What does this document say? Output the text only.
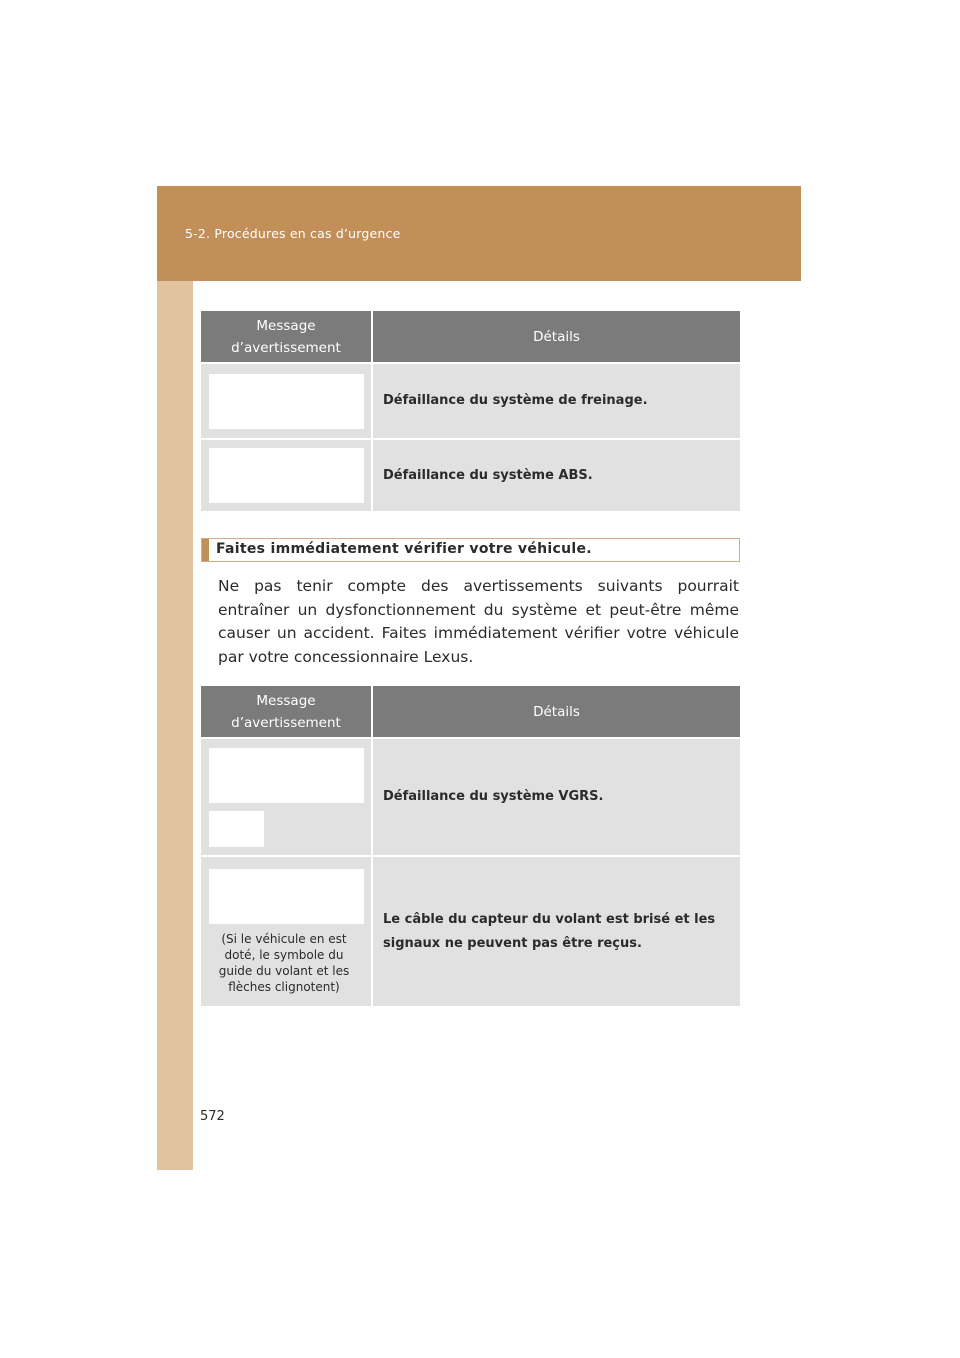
5-2. Procédures en cas d’urgence
Message
d’avertissement	Détails

	Défaillance du système de freinage.

	Défaillance du système ABS.
Faites immédiatement vérifier votre véhicule.
Ne pas tenir compte des avertissements suivants pourrait entraîner un dysfonctionnement du système et peut-être même causer un accident. Faites immédiatement vérifier votre véhicule par votre concessionnaire Lexus.
Message
d’avertissement	Détails

	Défaillance du système VGRS.

(Si le véhicule en est doté, le symbole du guide du volant et les flèches clignotent)	Le câble du capteur du volant est brisé et les signaux ne peuvent pas être reçus.
572
